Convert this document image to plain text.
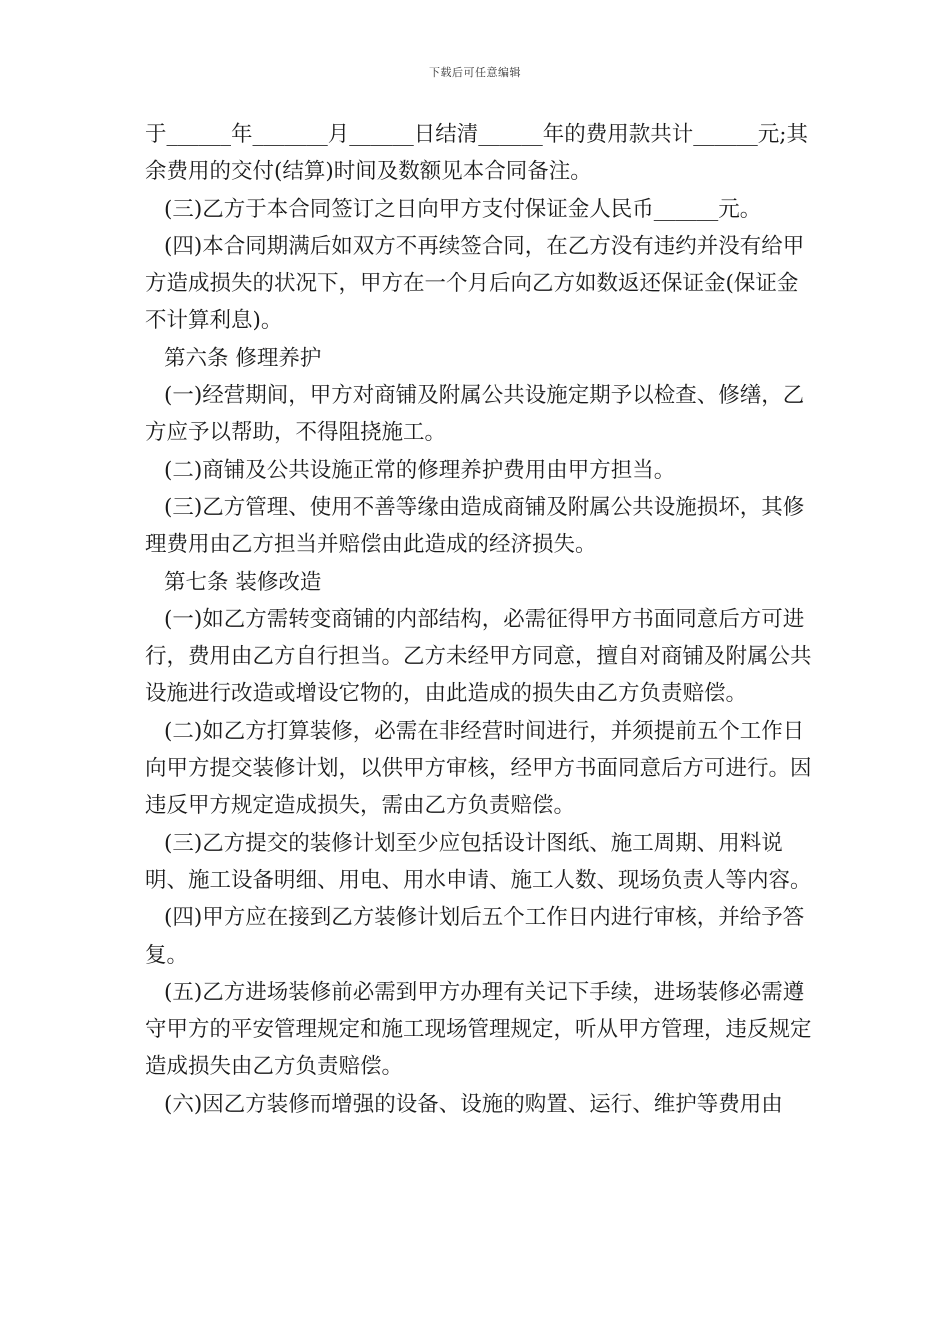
下载后可任意编辑

于______年_______月______日结清______年的费用款共计______元;其余费用的交付(结算)时间及数额见本合同备注。

(三)乙方于本合同签订之日向甲方支付保证金人民币______元。

(四)本合同期满后如双方不再续签合同，在乙方没有违约并没有给甲方造成损失的状况下，甲方在一个月后向乙方如数返还保证金(保证金不计算利息)。

第六条 修理养护

(一)经营期间，甲方对商铺及附属公共设施定期予以检查、修缮，乙方应予以帮助，不得阻挠施工。

(二)商铺及公共设施正常的修理养护费用由甲方担当。

(三)乙方管理、使用不善等缘由造成商铺及附属公共设施损坏，其修理费用由乙方担当并赔偿由此造成的经济损失。

第七条 装修改造

(一)如乙方需转变商铺的内部结构，必需征得甲方书面同意后方可进行，费用由乙方自行担当。乙方未经甲方同意，擅自对商铺及附属公共设施进行改造或增设它物的，由此造成的损失由乙方负责赔偿。

(二)如乙方打算装修，必需在非经营时间进行，并须提前五个工作日向甲方提交装修计划，以供甲方审核，经甲方书面同意后方可进行。因违反甲方规定造成损失，需由乙方负责赔偿。

(三)乙方提交的装修计划至少应包括设计图纸、施工周期、用料说明、施工设备明细、用电、用水申请、施工人数、现场负责人等内容。

(四)甲方应在接到乙方装修计划后五个工作日内进行审核，并给予答复。

(五)乙方进场装修前必需到甲方办理有关记下手续，进场装修必需遵守甲方的平安管理规定和施工现场管理规定，听从甲方管理，违反规定造成损失由乙方负责赔偿。

(六)因乙方装修而增强的设备、设施的购置、运行、维护等费用由
